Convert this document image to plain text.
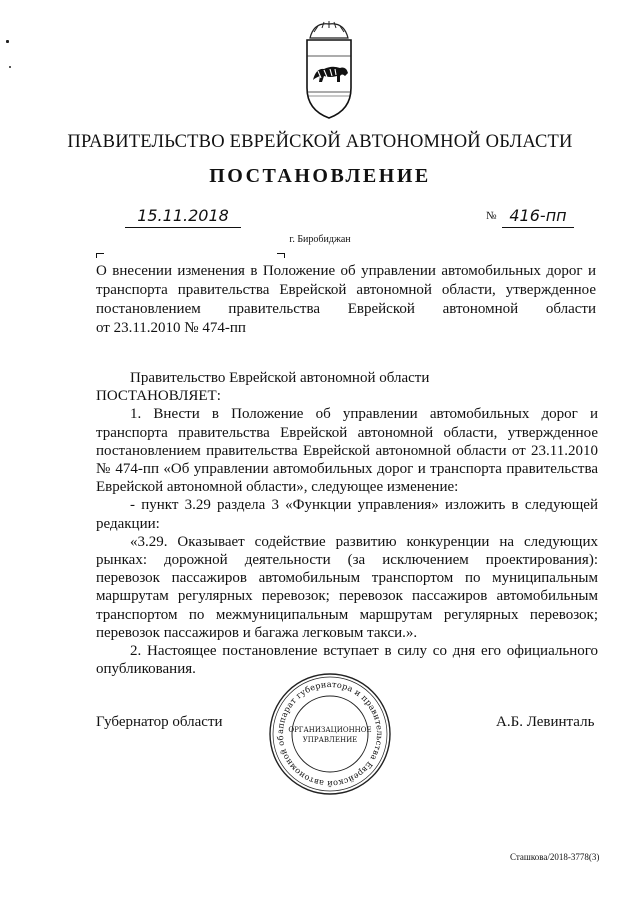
ПРАВИТЕЛЬСТВО ЕВРЕЙСКОЙ АВТОНОМНОЙ ОБЛАСТИ
ПОСТАНОВЛЕНИЕ
15.11.2018	№ 416-пп
г. Биробиджан

О внесении изменения в Положение об управлении автомобильных дорог и

транспорта правительства Еврейской автономной области, утвержденное

постановлением правительства Еврейской автономной области

от 23.11.2010 № 474-пп

Правительство Еврейской автономной области

ПОСТАНОВЛЯЕТ:

1. Внести в Положение об управлении автомобильных дорог и транспорта правительства Еврейской автономной области, утвержденное постановлением правительства Еврейской автономной области от 23.11.2010 № 474-пп «Об управлении автомобильных дорог и транспорта правительства Еврейской автономной области», следующее изменение:

- пункт 3.29 раздела 3 «Функции управления» изложить в следующей редакции:

«3.29. Оказывает содействие развитию конкуренции на следующих рынках: дорожной деятельности (за исключением проектирования): перевозок пассажиров автомобильным транспортом по муниципальным маршрутам регулярных перевозок; перевозок пассажиров автомобильным транспортом по межмуниципальным маршрутам регулярных перевозок; перевозок пассажиров и багажа легковым такси.».

2. Настоящее постановление вступает в силу со дня его официального опубликования.

Губернатор области	А.Б. Левинталь
аппарат губернатора и правительства Еврейской автономной об
ОРГАНИЗАЦИОННОЕ
УПРАВЛЕНИЕ
Сташкова/2018-3778(3)
